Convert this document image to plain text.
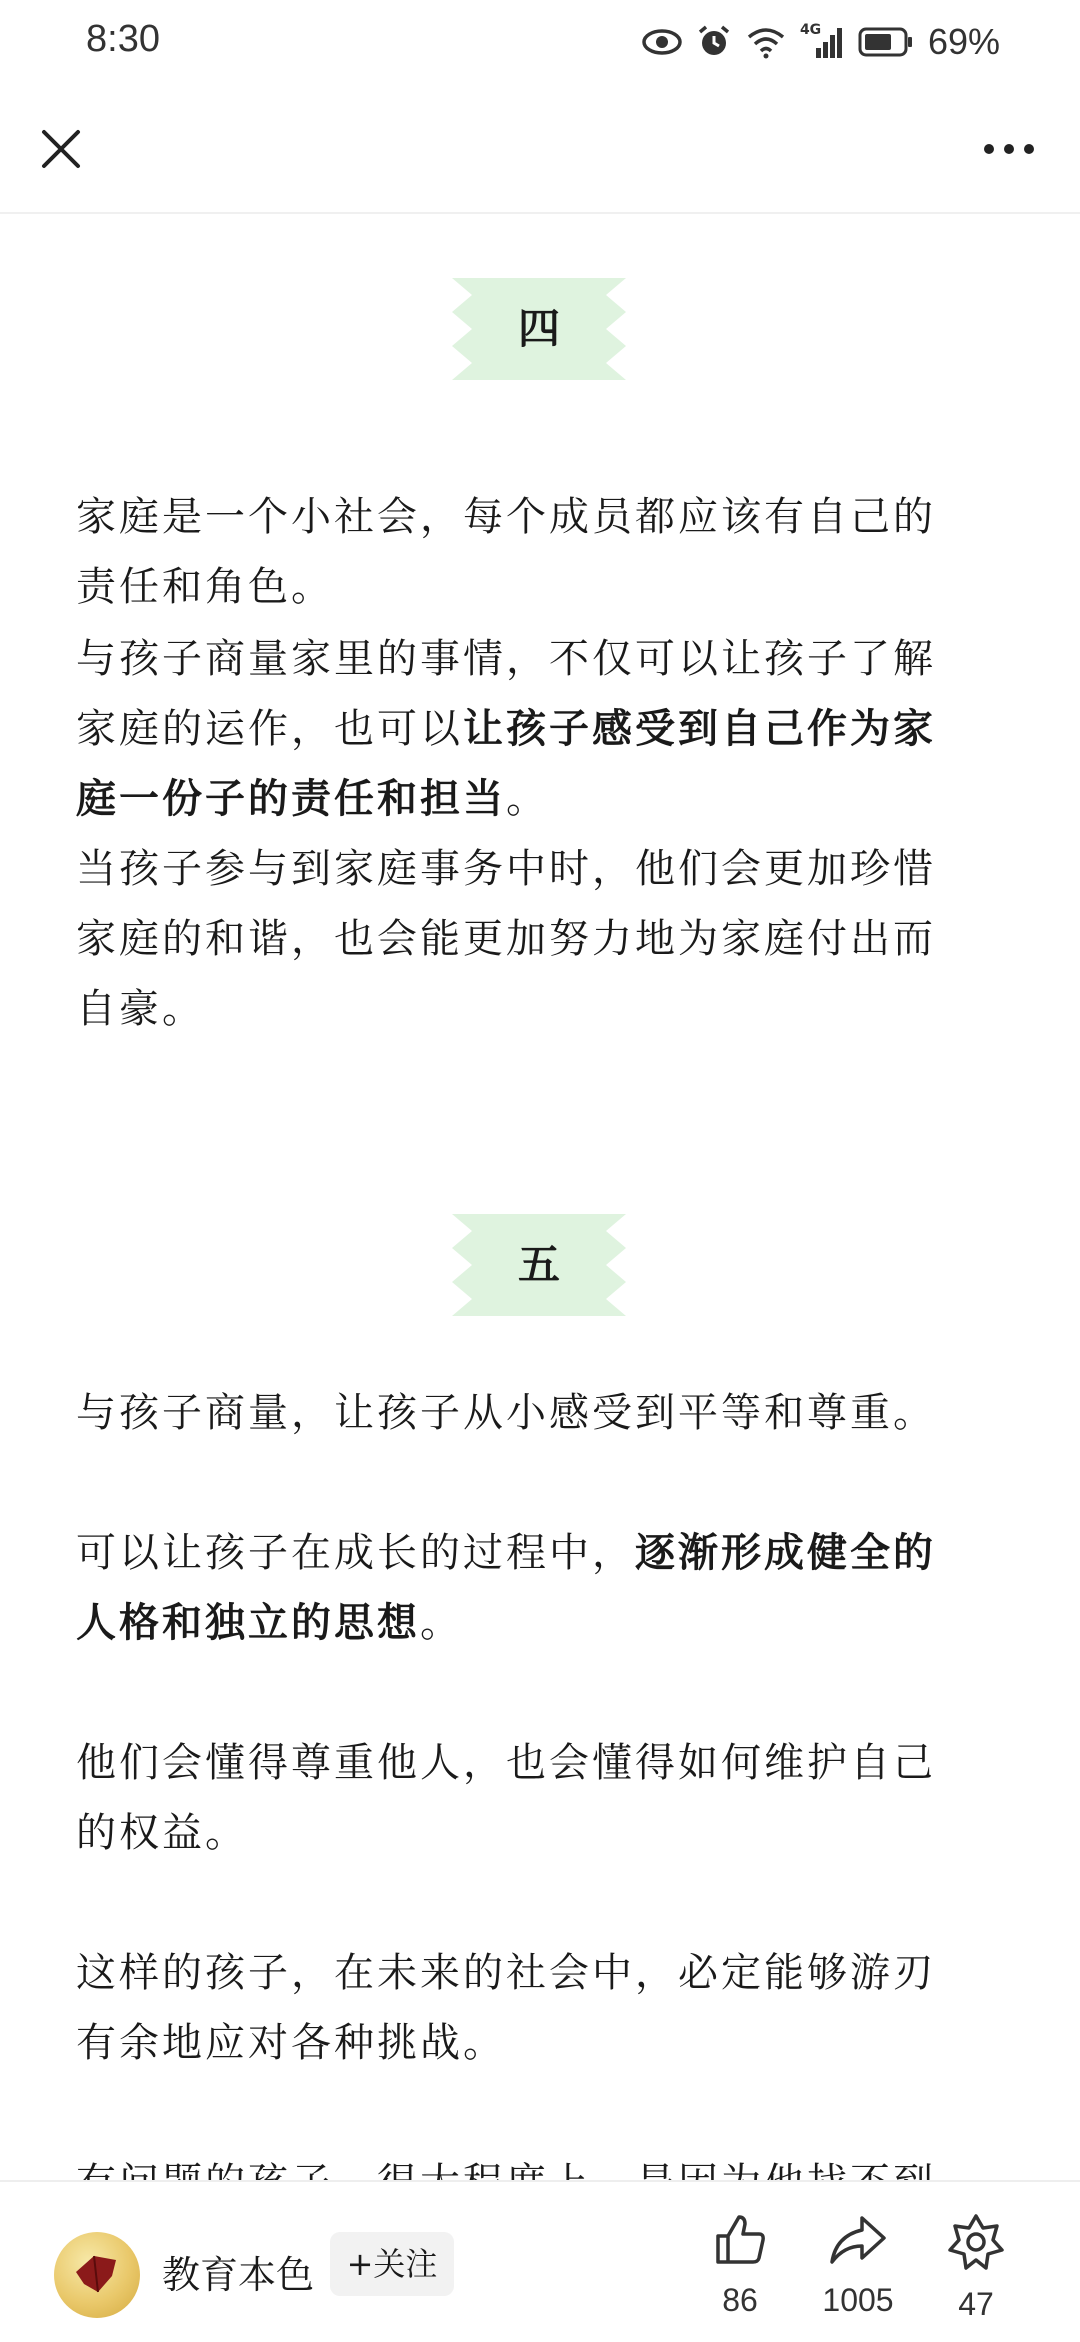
8:30	4G	69%
四
家庭是一个小社会，每个成员都应该有自己的责任和角色。
与孩子商量家里的事情，不仅可以让孩子了解家庭的运作，也可以让孩子感受到自己作为家庭一份子的责任和担当。
当孩子参与到家庭事务中时，他们会更加珍惜家庭的和谐，也会能更加努力地为家庭付出而自豪。
五
与孩子商量，让孩子从小感受到平等和尊重。
可以让孩子在成长的过程中，逐渐形成健全的人格和独立的思想。
他们会懂得尊重他人，也会懂得如何维护自己的权益。
这样的孩子，在未来的社会中，必定能够游刃有余地应对各种挑战。
教育本色	+关注
86	1005	47
